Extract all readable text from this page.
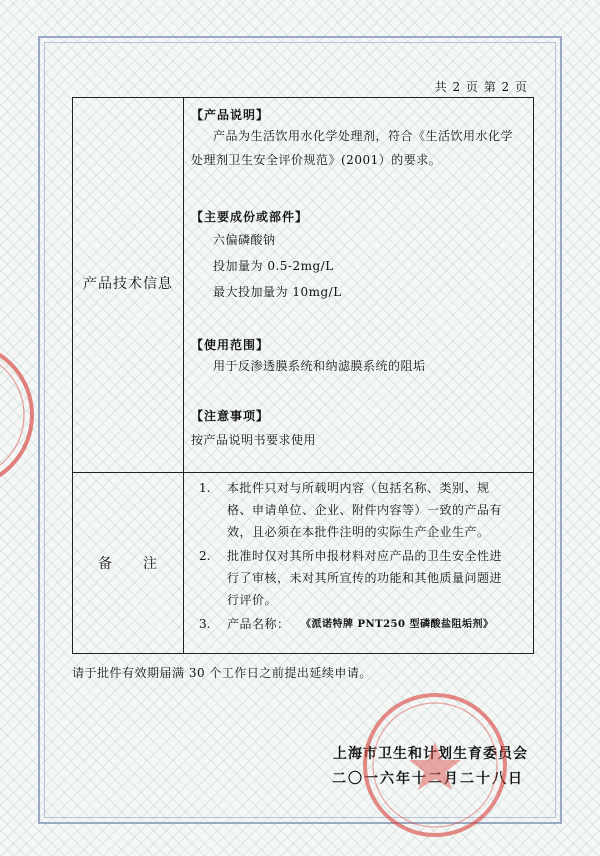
共 2 页 第 2 页
产品技术信息
【产品说明】
产品为生活饮用水化学处理剂，符合《生活饮用水化学
处理剂卫生安全评价规范》(2001）的要求。
【主要成份或部件】
六偏磷酸钠
投加量为 0.5-2mg/L
最大投加量为 10mg/L
【使用范围】
用于反渗透膜系统和纳滤膜系统的阻垢
【注意事项】
按产品说明书要求使用
备　　注
1. 本批件只对与所载明内容（包括名称、类别、规
格、申请单位、企业、附件内容等）一致的产品有
效，且必须在本批件注明的实际生产企业生产。
2. 批准时仅对其所申报材料对应产品的卫生安全性进
行了审核，未对其所宣传的功能和其他质量问题进
行评价。
3. 产品名称： 《派诺特牌 PNT250 型磷酸盐阻垢剂》
请于批件有效期届满 30 个工作日之前提出延续申请。
上海市卫生和计划生育委员会
二〇一六年十二月二十八日
